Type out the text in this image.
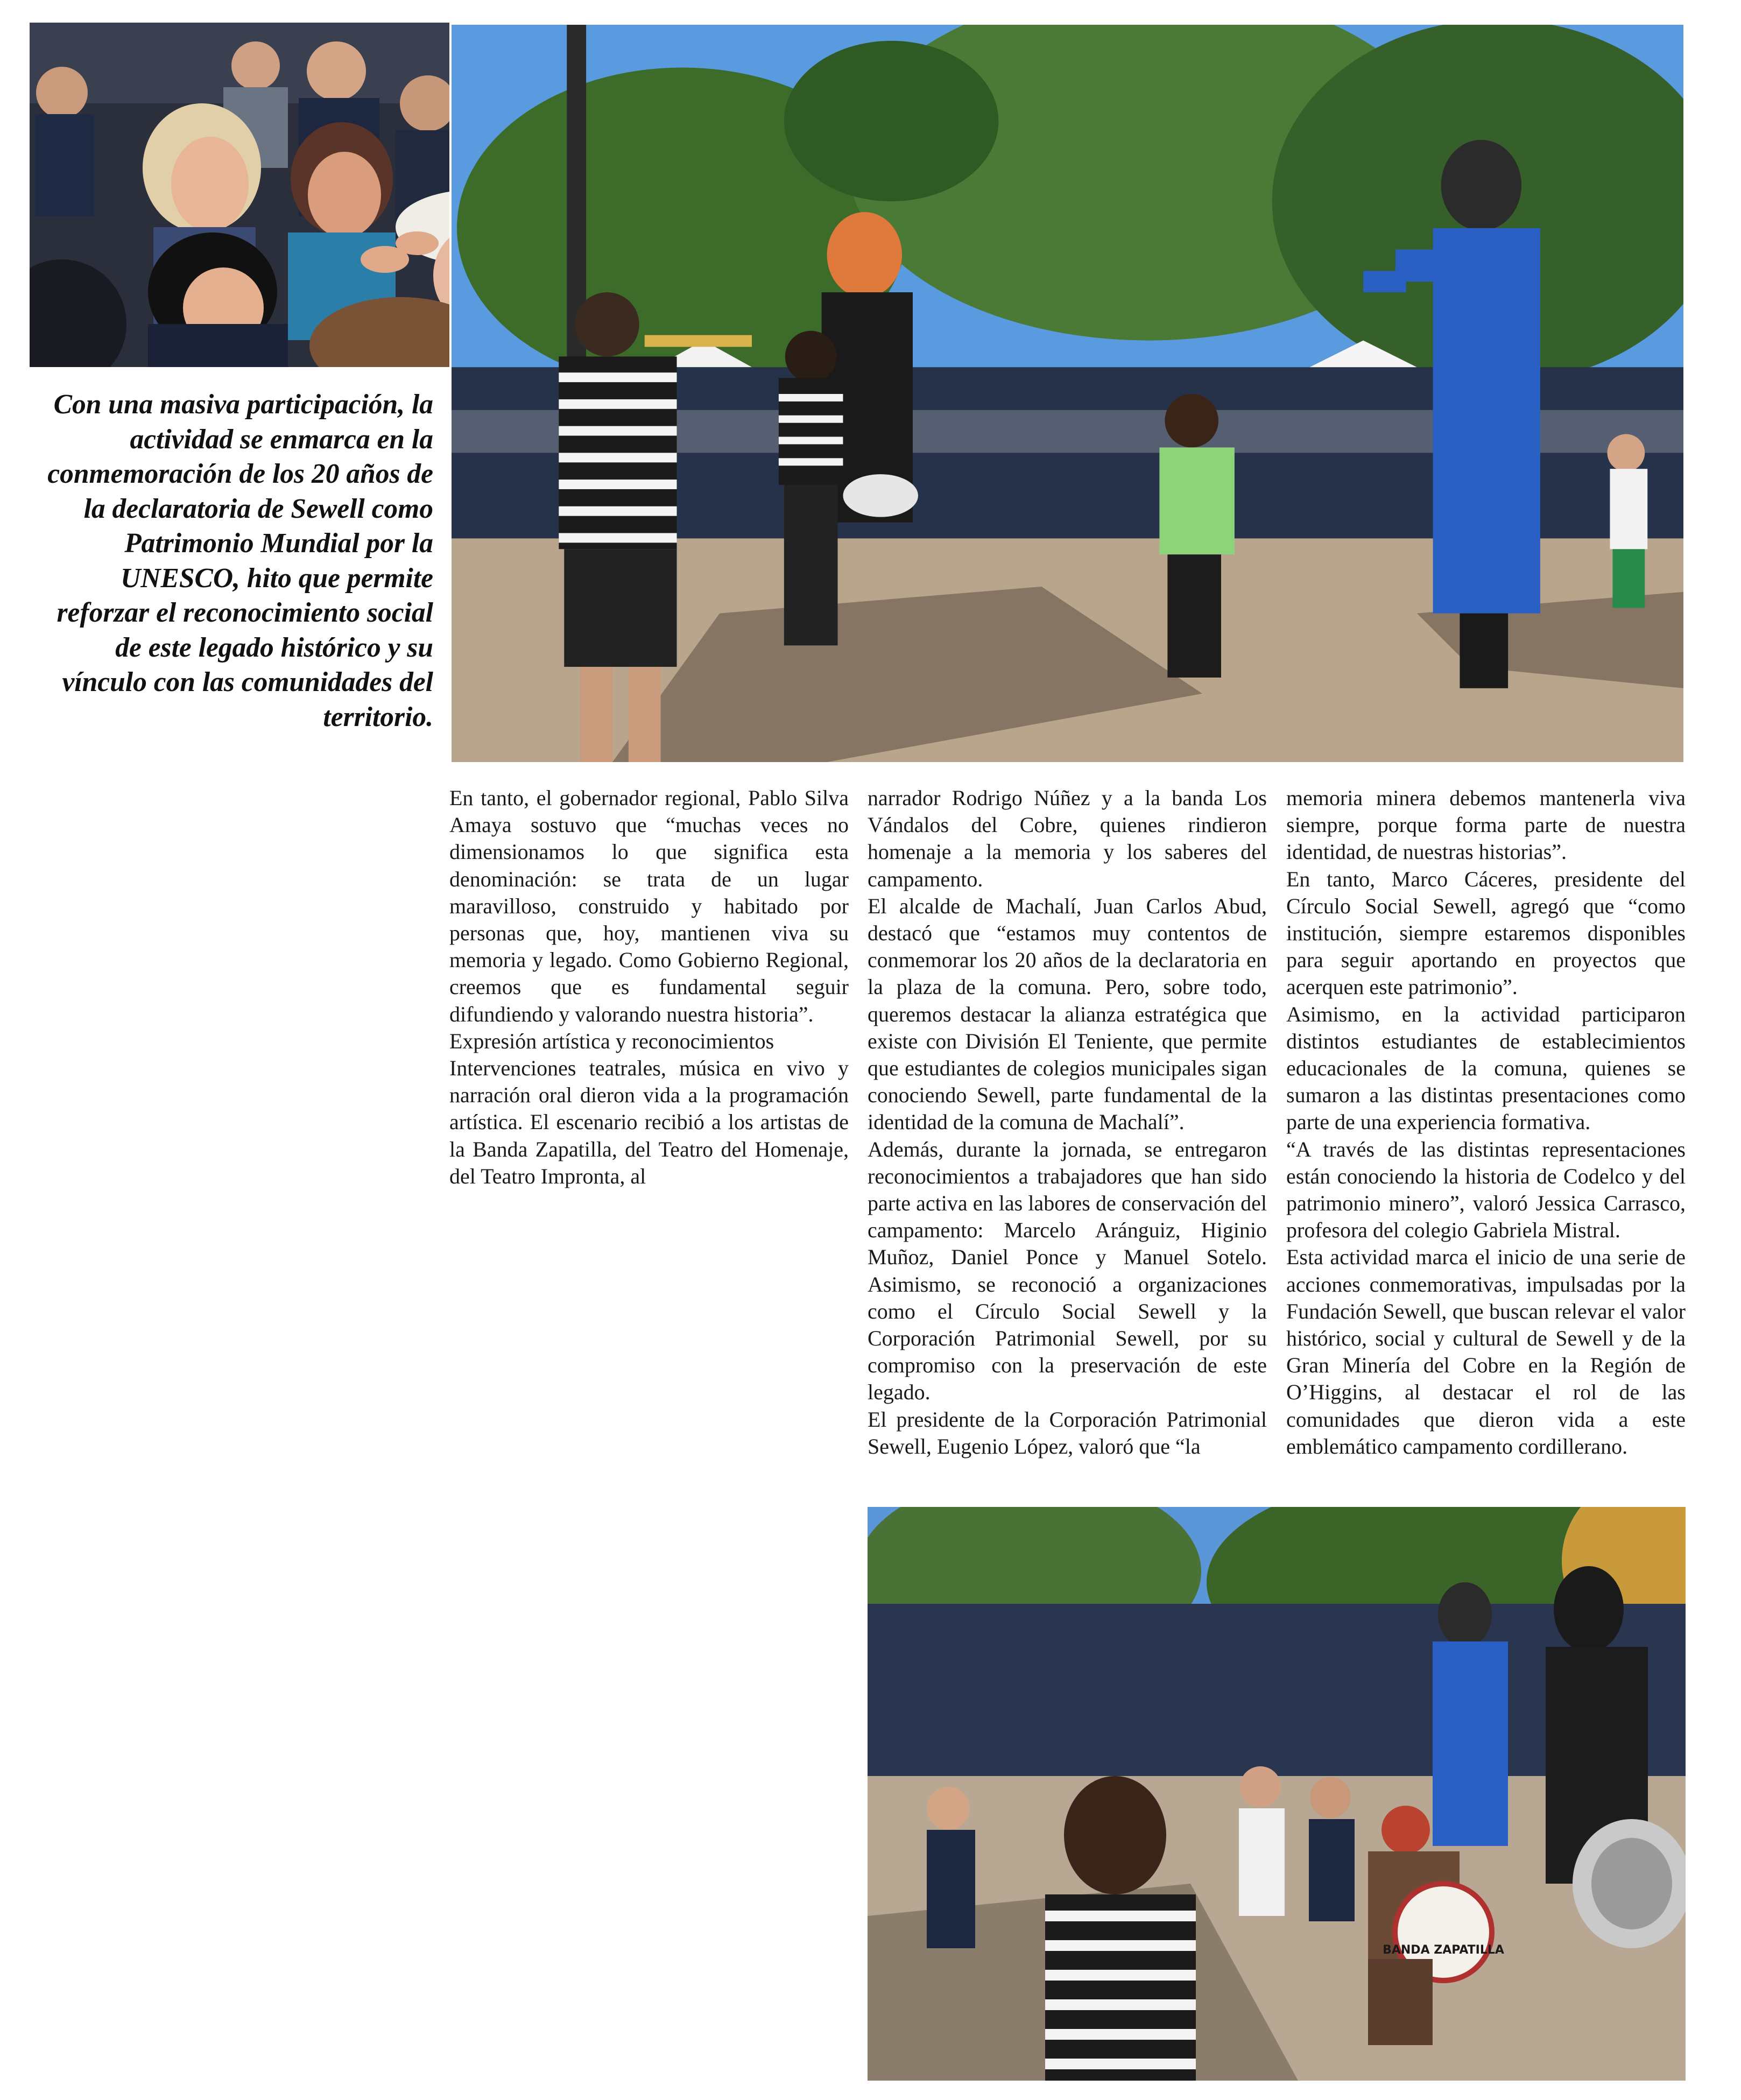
Con una masiva participación, la actividad se enmarca en la conmemoración de los 20 años de la declaratoria de Sewell como Patrimonio Mundial por la UNESCO, hito que permite reforzar el reconocimiento social de este legado histórico y su vínculo con las comunidades del territorio.

En tanto, el gobernador regional, Pablo Silva Amaya sostuvo que “muchas veces no dimensionamos lo que significa esta denominación: se trata de un lugar maravilloso, construido y habitado por personas que, hoy, mantienen viva su memoria y legado. Como Gobierno Regional, creemos que es fundamental seguir difundiendo y valorando nuestra historia”.

Expresión artística y reconocimientos

Intervenciones teatrales, música en vivo y narración oral dieron vida a la programación artística. El escenario recibió a los artistas de la Banda Zapatilla, del Teatro del Homenaje, del Teatro Impronta, al

narrador Rodrigo Núñez y a la banda Los Vándalos del Cobre, quienes rindieron homenaje a la memoria y los saberes del campamento.

El alcalde de Machalí, Juan Carlos Abud, destacó que “estamos muy contentos de conmemorar los 20 años de la declaratoria en la plaza de la comuna. Pero, sobre todo, queremos destacar la alianza estratégica que existe con División El Teniente, que permite que estudiantes de colegios municipales sigan conociendo Sewell, parte fundamental de la identidad de la comuna de Machalí”.

Además, durante la jornada, se entregaron reconocimientos a trabajadores que han sido parte activa en las labores de conservación del campamento: Marcelo Aránguiz, Higinio Muñoz, Daniel Ponce y Manuel Sotelo. Asimismo, se reconoció a organizaciones como el Círculo Social Sewell y la Corporación Patrimonial Sewell, por su compromiso con la preservación de este legado.

El presidente de la Corporación Patrimonial Sewell, Eugenio López, valoró que “la

memoria minera debemos mantenerla viva siempre, porque forma parte de nuestra identidad, de nuestras historias”.

En tanto, Marco Cáceres, presidente del Círculo Social Sewell, agregó que “como institución, siempre estaremos disponibles para seguir aportando en proyectos que acerquen este patrimonio”.

Asimismo, en la actividad participaron distintos estudiantes de establecimientos educacionales de la comuna, quienes se sumaron a las distintas presentaciones como parte de una experiencia formativa.

“A través de las distintas representaciones están conociendo la historia de Codelco y del patrimonio minero”, valoró Jessica Carrasco, profesora del colegio Gabriela Mistral.

Esta actividad marca el inicio de una serie de acciones conmemorativas, impulsadas por la Fundación Sewell, que buscan relevar el valor histórico, social y cultural de Sewell y de la Gran Minería del Cobre en la Región de O’Higgins, al destacar el rol de las comunidades que dieron vida a este emblemático campamento cordillerano.

BANDA ZAPATILLA
